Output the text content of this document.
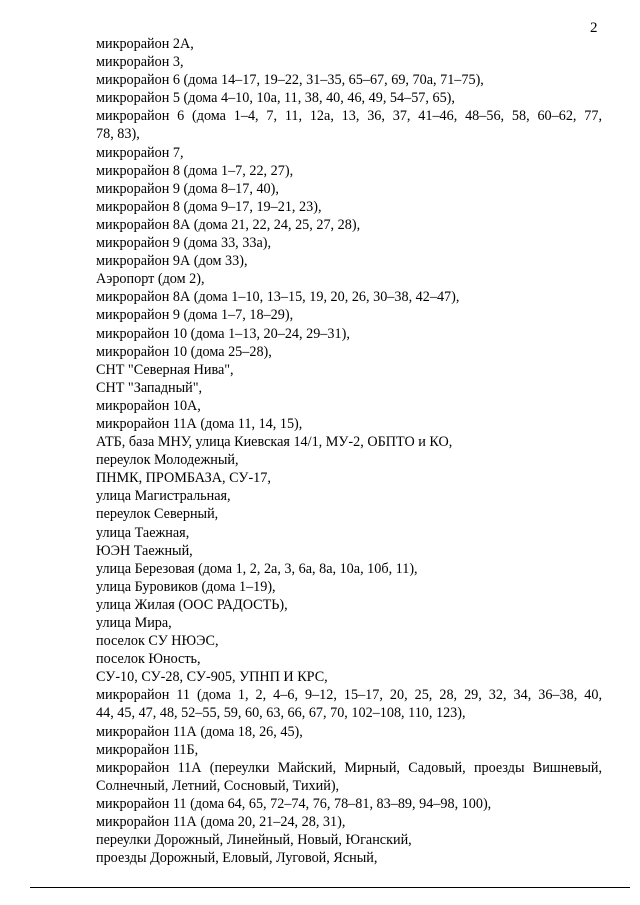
2
микрорайон 2А,
микрорайон 3,
микрорайон 6 (дома 14–17, 19–22, 31–35, 65–67, 69, 70а, 71–75),
микрорайон 5 (дома 4–10, 10а, 11, 38, 40, 46, 49, 54–57, 65),
микрорайон 6 (дома 1–4, 7, 11, 12а, 13, 36, 37, 41–46, 48–56, 58, 60–62, 77,
78, 83),
микрорайон 7,
микрорайон 8 (дома 1–7, 22, 27),
микрорайон 9 (дома 8–17, 40),
микрорайон 8 (дома 9–17, 19–21, 23),
микрорайон 8А (дома 21, 22, 24, 25, 27, 28),
микрорайон 9 (дома 33, 33а),
микрорайон 9А (дом 33),
Аэропорт (дом 2),
микрорайон 8А (дома 1–10, 13–15, 19, 20, 26, 30–38, 42–47),
микрорайон 9 (дома 1–7, 18–29),
микрорайон 10 (дома 1–13, 20–24, 29–31),
микрорайон 10 (дома 25–28),
СНТ "Северная Нива",
СНТ "Западный",
микрорайон 10А,
микрорайон 11А (дома 11, 14, 15),
АТБ, база МНУ, улица Киевская 14/1, МУ-2, ОБПТО и КО,
переулок Молодежный,
ПНМК, ПРОМБАЗА, СУ-17,
улица Магистральная,
переулок Северный,
улица Таежная,
ЮЭН Таежный,
улица Березовая (дома 1, 2, 2а, 3, 6а, 8а, 10а, 10б, 11),
улица Буровиков (дома 1–19),
улица Жилая (ООС РАДОСТЬ),
улица Мира,
поселок СУ НЮЭС,
поселок Юность,
СУ-10, СУ-28, СУ-905, УПНП И КРС,
микрорайон 11 (дома 1, 2, 4–6, 9–12, 15–17, 20, 25, 28, 29, 32, 34, 36–38, 40,
44, 45, 47, 48, 52–55, 59, 60, 63, 66, 67, 70, 102–108, 110, 123),
микрорайон 11А (дома 18, 26, 45),
микрорайон 11Б,
микрорайон 11А (переулки Майский, Мирный, Садовый, проезды Вишневый,
Солнечный, Летний, Сосновый, Тихий),
микрорайон 11 (дома 64, 65, 72–74, 76, 78–81, 83–89, 94–98, 100),
микрорайон 11А (дома 20, 21–24, 28, 31),
переулки Дорожный, Линейный, Новый, Юганский,
проезды Дорожный, Еловый, Луговой, Ясный,
